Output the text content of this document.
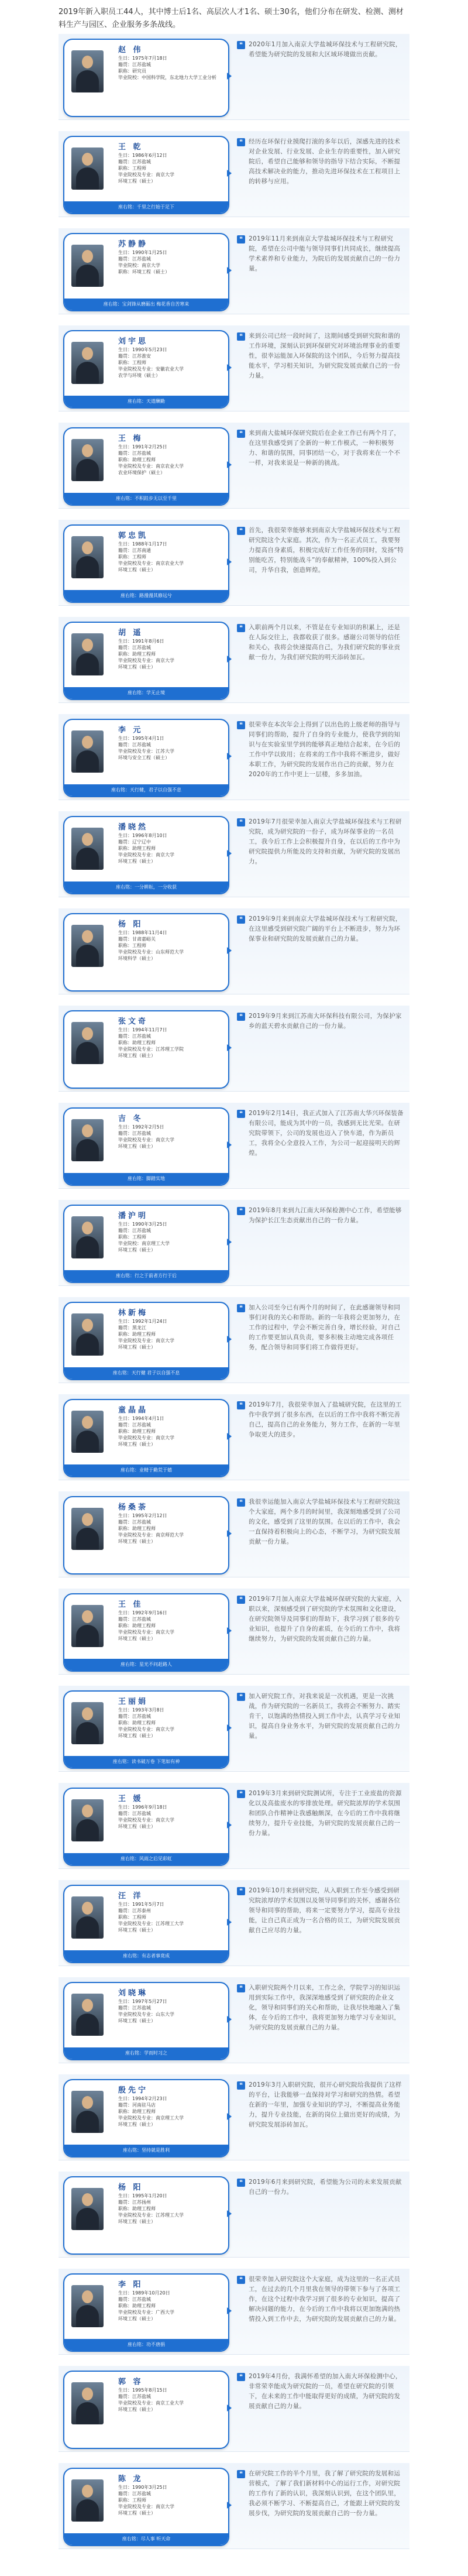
2019年新入职员工44人，其中博士后1名、高层次人才1名、硕士30名，他们分布在研发、检测、测材料生产与园区、企业服务多条战线。
赵 伟
生日：1975年7月18日
籍贯：江苏盐城
职称：研究员
毕业院校：中国科学院，东北地力大学工业分析
❝ 2020年1月加入南京大学盐城环保技术与工程研究院，希望能为研究院的发展和大区域环境做出贡献。

王 乾
生日：1986年6月12日
籍贯：江苏盐城
职称：工程师
毕业院校及专业：南京大学
环境工程（硕士）
座右铭：千里之行始于足下
❝ 经历在环保行业摸爬打滚的多年以后，深感先进的技术对企业发展、行业发展、企业生存的重要性，加入研究院后，希望自己能够和领导的指导下结合实际，不断提高技术解决业的能力，推动先进环保技术在工程项目上的转移与应用。

苏静静
生日：1990年1月25日
籍贯：江苏盐城
毕业院校：南京大学
职称：环境工程（硕士）
座右铭：宝剑锋从磨砺出 梅花香自苦寒来
❝ 2019年11月来到南京大学盐城环保技术与工程研究院，希望在公司中能与领导同事们共同成长，继续提高学术素养和专业能力，为院后的发展贡献自己的一份力量。

刘宇思
生日：1990年5月23日
籍贯：江苏淮安
职称：工程师
毕业院校及专业：安徽农业大学
农学与环境（硕士）
座右铭：天道酬勤
❝ 来到公司已经一段时间了，这期间感受到研究院和谐的工作环境，深刻认识到环保研究对环境治理事业的重要性，很幸运能加入环保院的这个团队，今后努力提高技能水平，学习相关知识，为研究院发展贡献自己的一份力量。

王 梅
生日：1991年2月25日
籍贯：江苏盐城
职称：助理工程师
毕业院校及专业：南京农业大学
农业环境保护（硕士）
座右铭：不积跬步无以至千里
❝ 来到南大盐城环保研究院后在企业工作已有两个月了，在这里我感受到了全新的一种工作模式，一种积极努力、和谐的氛围，同事团结一心，对于我将来在一个不一样，对我来说是一种新的挑战。

郭忠凯
生日：1988年1月17日
籍贯：江苏南通
职称：工程师
毕业院校及专业：南京农业大学
环境工程（硕士）
座右铭：路漫漫其修远兮
❝ 首先，我很荣幸能够来到南京大学盐城环保技术与工程研究院这个大家庭。其次，作为一名正式员工，我要努力提高自身素质，积极完成好工作任务的同时，发扬“特别能吃苦，特别能战斗”的奉献精神，100%投入到公司，升华自我，创造辉煌。

胡 遥
生日：1991年8月6日
籍贯：江苏盐城
职称：助理工程师
毕业院校及专业：南京大学
环境工程（硕士）
座右铭：学无止境
❝ 入职前两个月以来，不管是在专业知识的积累上，还是在人际交往上，我都收获了很多。感谢公司领导的信任和关心，我将会快速提高自己，为我们研究院的事业贡献一份力，为我们研究院的明天添砖加瓦。

李 元
生日：1995年4月1日
籍贯：江苏盐城
毕业院校及专业：江苏大学
环境与安全工程（硕士）
座右铭：天行健，君子以自强不息
❝ 很荣幸在本次年会上得到了以出色的上级老师的指导与同事们的帮助，提升了自身的专业能力，使我学到的知识与在实验室里学到的能够真正地结合起来，在今后的工作中学以致用；在将来的工作中我将不断进步，做好本职工作，为研究院的发展作出自己的贡献，努力在2020年的工作中更上一层楼，多多加油。

潘晓然
生日：1996年8月10日
籍贯：辽宁辽中
职称：助理工程师
毕业院校及专业：南京大学
环境工程（硕士）
座右铭：一分耕耘，一分收获
❝ 2019年7月很荣幸加入南京大学盐城环保技术与工程研究院，成为研究院的一份子，成为环保事业的一名员工，我今后工作上会积极提升自身，在以后的工作中为研究院提供力所能及的支持和贡献，为研究院的发展出力。

杨 阳
生日：1988年11月4日
籍贯：甘肃嘉峪关
职称：工程师
毕业院校及专业：山东师范大学
环境科学（硕士）
❝ 2019年9月来到南京大学盐城环保技术与工程研究院，在这里感受到研究院广阔的平台上不断进步，努力为环保事业和研究院的发展贡献自己的力量。

张文奇
生日：1994年11月7日
籍贯：江苏盐城
职称：助理工程师
毕业院校及专业：江苏理工学院
环境工程（硕士）
❝ 2019年9月来到江苏南大环保科技有限公司，为保护家乡的蓝天碧水贡献自己的一份力量。

吉 冬
生日：1992年2月5日
籍贯：江苏盐城
毕业院校及专业：南京大学
环境工程（硕士）
座右铭：脚踏实地
❝ 2019年2月14日，我正式加入了江苏南大华兴环保装备有限公司，能成为其中的一员，我感到无比光荣。在研究院带领下，公司的发展也迈入了快车道，作为新员工，我将全心全意投入工作，为公司一起迎接明天的辉煌。

潘沪明
生日：1990年3月25日
籍贯：江苏盐城
职称：工程师
毕业院校：南京理工大学
环境工程（硕士）
座右铭：行之于前者方行于后
❝ 2019年8月来到九江南大环保检测中心工作，希望能够为保护长江生态贡献出自己的一份力量。

林新梅
生日：1992年1月24日
籍贯：黑龙江
职称：助理工程师
毕业院校及专业：南京大学
环境工程（硕士）
座右铭：天行健 君子以自强不息
❝ 加入公司至今已有两个月的时间了，在此感谢领导和同事们对我的关心和帮助。新的一年我将会更加努力，在工作的过程中，学会不断完善自身，增长经验，对自己的工作要更加认真负责，要多积极主动地完成各项任务，配合领导和同事们将工作做得更好。

童晶晶
生日：1994年4月1日
籍贯：江苏盐城
职称：助理工程师
毕业院校及专业：南京大学
环境工程（硕士）
座右铭：业精于勤荒于嬉
❝ 2019年7月，我很荣幸加入了盐城研究院，在这里的工作中我学到了很多东西，在以后的工作中我将不断完善自己，提高自己的业务能力，努力工作，在新的一年里争取更大的进步。

杨桑荼
生日：1995年2月12日
籍贯：江苏盐城
职称：助理工程师
毕业院校及专业：南京师范大学
环境工程（硕士）
❝ 我很幸运能加入南京大学盐城环保技术与工程研究院这个大家庭，两个多月的时间里，我深刻地感受到了公司的文化，感受到了这里的氛围。在以后的工作中，我会一直保持着积极向上的心态，不断学习，为研究院发展贡献一份力量。

王 佳
生日：1992年9月16日
籍贯：江苏盐城
职称：助理工程师
毕业院校及专业：南京大学
环境工程（硕士）
座右铭：星光不问赶路人
❝ 2019年7月加入南京大学盐城环保研究院的大家庭，入职以来，深刻感受到了研究院的学术氛围和文化建设，在研究院领导及同事们的帮助下，我学习到了很多的专业知识，也提升了自身的素质，在今后的工作中，我将继续努力，为研究院的发展贡献自己的力量。

王丽娟
生日：1993年3月8日
籍贯：江苏盐城
职称：助理工程师
毕业院校及专业：南京大学
环境工程（硕士）
座右铭：读书破万卷 下笔如有神
❝ 加入研究院工作，对我来说是一次机遇，更是一次挑战，作为研究院的一名新员工，我将会不断努力、踏实肯干，以饱满的热情投入到工作中去，认真学习专业知识，提高自身业务水平，为研究院的发展贡献自己的力量。

王 媛
生日：1996年9月18日
籍贯：江苏盐城
毕业院校及专业：南京大学
环境工程（硕士）
座右铭：风雨之后见彩虹
❝ 2019年3月来到研究院测试所，专注于工业废盐的资源化以及高盐废水的零排放处理。研究院浓厚的学术氛围和团队合作精神让我感触颇深，在今后的工作中我将继续努力，提升专业技能，为研究院的发展贡献自己的一份力量。

汪 洋
生日：1991年5月7日
籍贯：江苏泰州
职称：工程师
毕业院校及专业：江苏理工大学
环境工程（硕士）
座右铭：有志者事竟成
❝ 2019年10月来到研究院，从入职到工作至今感受到研究院浓厚的学术氛围以及领导同事们的关怀，感谢各位领导和同事的帮助，将来一定要努力学习，提高专业技能，让自己真正成为一名合格的员工，为研究院发展贡献自己应尽的力量。

刘晓琳
生日：1997年5月27日
籍贯：江苏盐城
毕业院校及专业：山东大学
环境工程（硕士）
座右铭：学而时习之
❝ 入职研究院两个月以来，工作之余，学院学习的知识运用到实际工作中，我深深地感受到了研究院的企业文化，领导和同事们的关心和帮助，让我尽快地融入了集体，在今后的工作中，我将更加努力地学习专业知识，为研究院的发展贡献自己的力量。

殷先宁
生日：1994年2月23日
籍贯：河南驻马店
职称：助理工程师
毕业院校及专业：南京理工大学
环境工程（硕士）
座右铭：坚持就是胜利
❝ 2019年3月入职研究院，很开心研究院给我提供了这样的平台，让我能够一直保持对学习和研究的热情。希望在新的一年里，加强专业知识的学习，不断提高业务能力，提升专业技能，在新的岗位上做出更好的成绩，为研究院发展添砖加瓦。

杨 阳
生日：1995年1月20日
籍贯：江苏扬州
职称：助理工程师
毕业院校及专业：江苏理工大学
环境工程（硕士）
❝ 2019年6月来到研究院，希望能为公司的未来发展贡献自己的一份力。

李 阳
生日：1989年10月20日
籍贯：江苏盐城
职称：助理工程师
毕业院校及专业：广西大学
环境工程（硕士）
座右铭：功不唐捐
❝ 很荣幸加入研究院这个大家庭，成为这里的一名正式员工，在过去的几个月里我在领导的带领下参与了各项工作，在这个过程中我学习到了很多的专业知识，提高了解决问题的能力，在今后的工作中我将以更加饱满的热情投入到工作中去，为研究院的发展贡献自己的力量。

郭 容
生日：1995年8月15日
籍贯：江苏盐城
毕业院校及专业：南京工业大学
环境工程（硕士）
❝ 2019年4月份，我满怀希望的加入南大环保检测中心，非常荣幸能成为研究院的一员，希望在研究院的引领下，在未来的工作中能取得更好的成绩，为研究院的发展贡献自己的力量。

陈 龙
生日：1990年3月25日
籍贯：江苏盐城
职称：工程师
毕业院校及专业：南京大学
环境工程（硕士）
座右铭：尽人事 听天命
❝ 在研究院工作的半个月里，我了解了研究院的发展和运营模式，了解了我们新材料中心的运行工作，对研究院的工作有了新的认识，我深刻认识到，在这个团队里，我必须不断学习、不断提高自己，才能跟上研究院的发展步伐，为研究院的发展贡献自己的一份力量。
